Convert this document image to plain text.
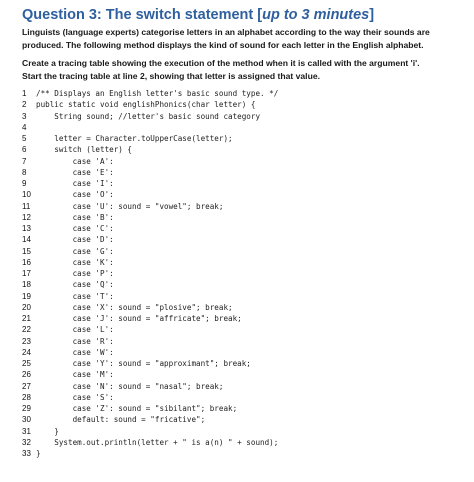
Question 3: The switch statement [up to 3 minutes]

Linguists (language experts) categorise letters in an alphabet according to the way their sounds are
produced. The following method displays the kind of sound for each letter in the English alphabet.

Create a tracing table showing the execution of the method when it is called with the argument 'i'.
Start the tracing table at line 2, showing that letter is assigned that value.

1	/** Displays an English letter's basic sound type. */
2	public static void englishPhonics(char letter) {
3	String sound; //letter's basic sound category
4
5	letter = Character.toUpperCase(letter);
6	switch (letter) {
7	case 'A':
8	case 'E':
9	case 'I':
10 case 'O':
11 case 'U': sound = "vowel"; break;
12 case 'B':
13 case 'C':
14 case 'D':
15 case 'G':
16 case 'K':
17 case 'P':
18 case 'Q':
19 case 'T':
20 case 'X': sound = "plosive"; break;
21 case 'J': sound = "affricate"; break;
22 case 'L':
23 case 'R':
24 case 'W':
25 case 'Y': sound = "approximant"; break;
26 case 'M':
27 case 'N': sound = "nasal"; break;
28 case 'S':
29 case 'Z': sound = "sibilant"; break;
30 default: sound = "fricative";
31 }
32 System.out.println(letter + " is a(n) " + sound);
33 }
